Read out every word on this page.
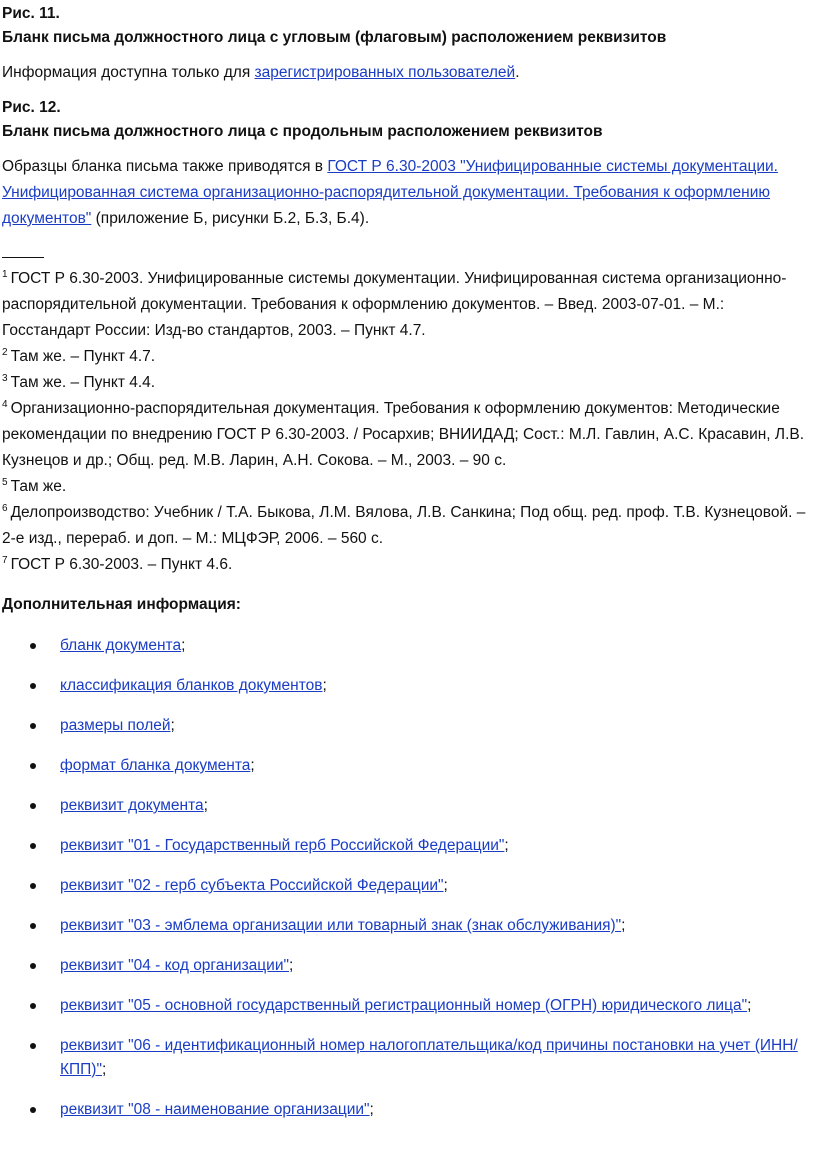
Рис. 11.

Бланк письма должностного лица с угловым (флаговым) расположением реквизитов

Информация доступна только для зарегистрированных пользователей.

Рис. 12.

Бланк письма должностного лица с продольным расположением реквизитов

Образцы бланка письма также приводятся в ГОСТ Р 6.30-2003 "Унифицированные системы документации. Унифицированная система организационно-распорядительной документации. Требования к оформлению документов" (приложение Б, рисунки Б.2, Б.3, Б.4).

$^1$ ГОСТ Р 6.30-2003. Унифицированные системы документации. Унифицированная система организационно-распорядительной документации. Требования к оформлению документов. – Введ. 2003-07-01. – М.: Госстандарт России: Изд-во стандартов, 2003. – Пункт 4.7.
$^2$ Там же. – Пункт 4.7.
$^3$ Там же. – Пункт 4.4.
$^4$ Организационно-распорядительная документация. Требования к оформлению документов: Методические рекомендации по внедрению ГОСТ Р 6.30-2003. / Росархив; ВНИИДАД; Сост.: М.Л. Гавлин, А.С. Красавин, Л.В. Кузнецов и др.; Общ. ред. М.В. Ларин, А.Н. Сокова. – М., 2003. – 90 с.
$^5$ Там же.
$^6$ Делопроизводство: Учебник / Т.А. Быкова, Л.М. Вялова, Л.В. Санкина; Под общ. ред. проф. Т.В. Кузнецовой. – 2-е изд., перераб. и доп. – М.: МЦФЭР, 2006. – 560 с.
$^7$ ГОСТ Р 6.30-2003. – Пункт 4.6.

Дополнительная информация:

бланк документа;
классификация бланков документов;
размеры полей;
формат бланка документа;
реквизит документа;
реквизит "01 - Государственный герб Российской Федерации";
реквизит "02 - герб субъекта Российской Федерации";
реквизит "03 - эмблема организации или товарный знак (знак обслуживания)";
реквизит "04 - код организации";
реквизит "05 - основной государственный регистрационный номер (ОГРН) юридического лица";
реквизит "06 - идентификационный номер налогоплательщика/код причины постановки на учет (ИНН/КПП)";
реквизит "08 - наименование организации";
